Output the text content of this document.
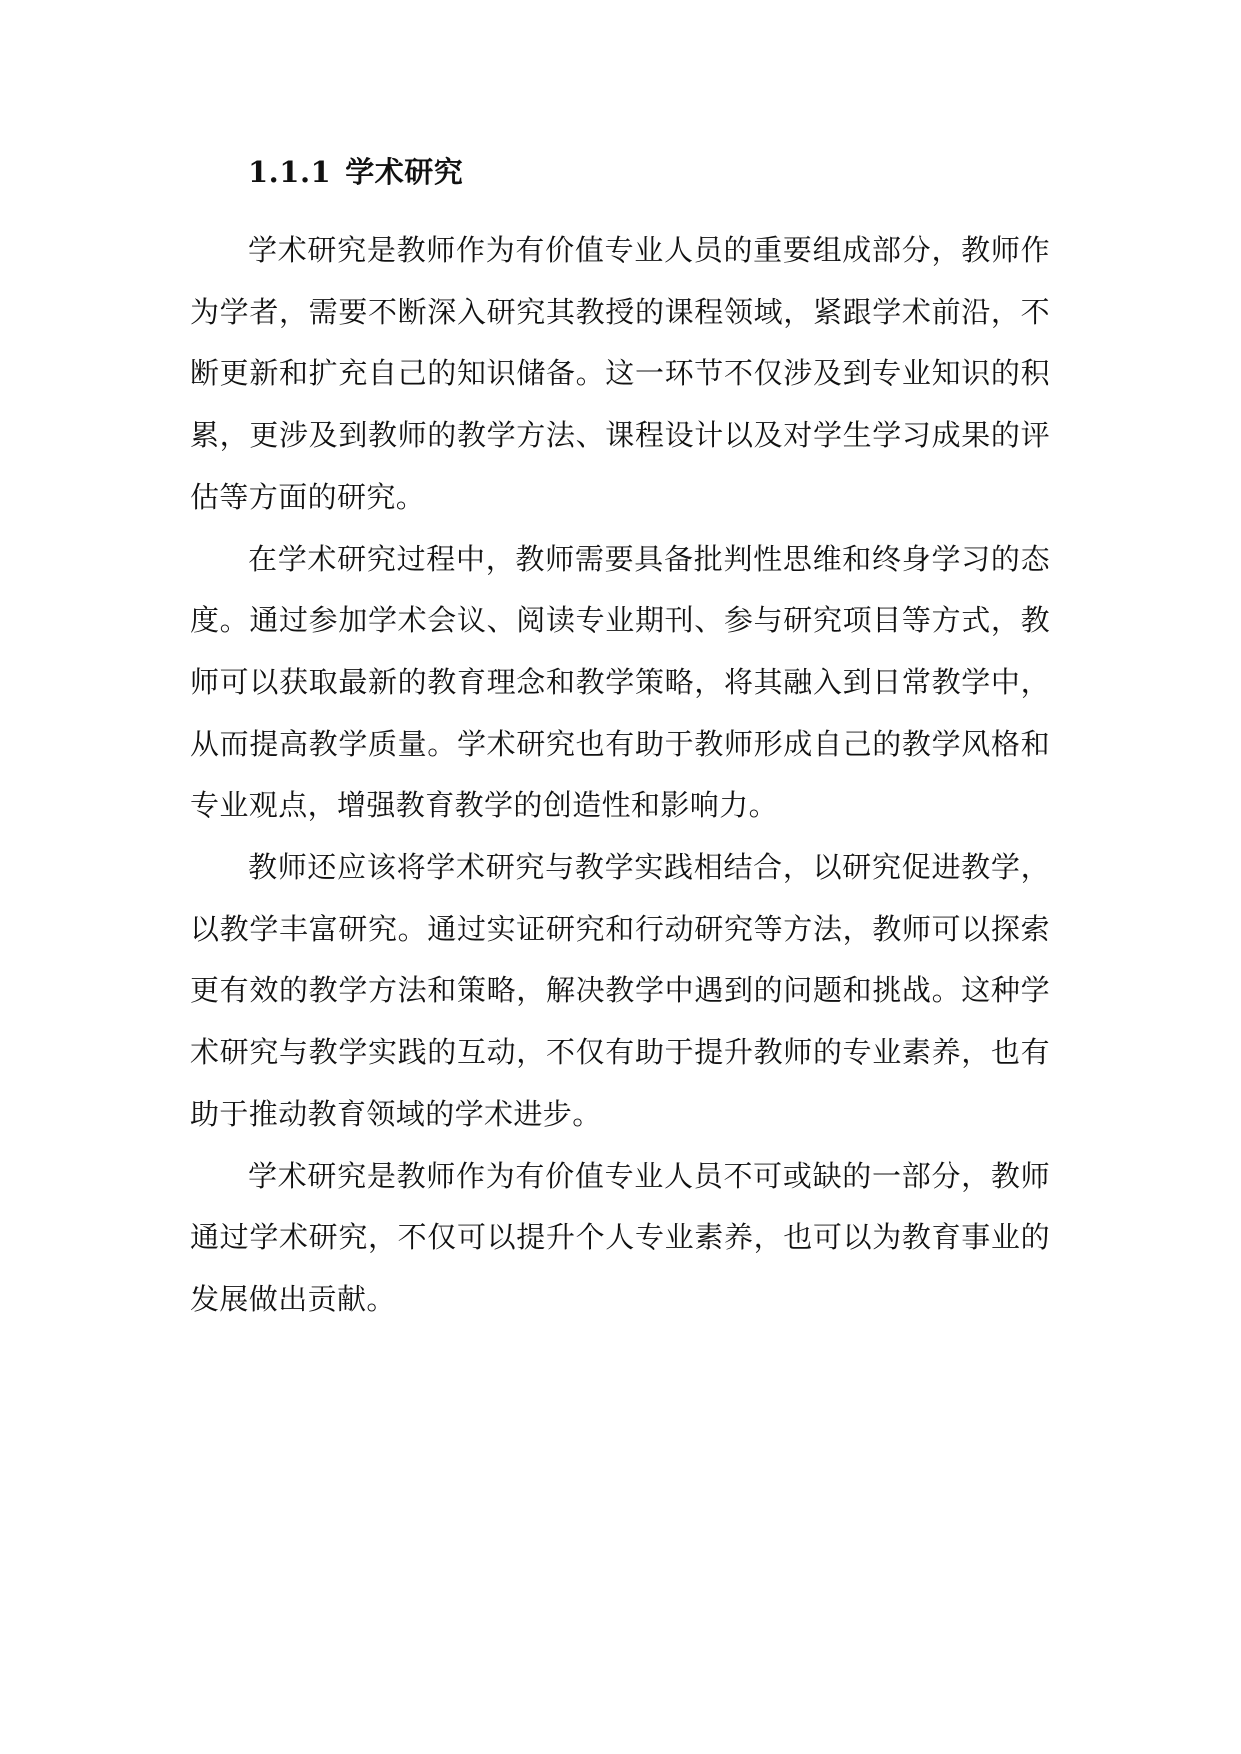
1.1.1 学术研究

学术研究是教师作为有价值专业人员的重要组成部分，教师作为学者，需要不断深入研究其教授的课程领域，紧跟学术前沿，不断更新和扩充自己的知识储备。这一环节不仅涉及到专业知识的积累，更涉及到教师的教学方法、课程设计以及对学生学习成果的评估等方面的研究。

在学术研究过程中，教师需要具备批判性思维和终身学习的态度。通过参加学术会议、阅读专业期刊、参与研究项目等方式，教师可以获取最新的教育理念和教学策略，将其融入到日常教学中，从而提高教学质量。学术研究也有助于教师形成自己的教学风格和专业观点，增强教育教学的创造性和影响力。

教师还应该将学术研究与教学实践相结合，以研究促进教学，以教学丰富研究。通过实证研究和行动研究等方法，教师可以探索更有效的教学方法和策略，解决教学中遇到的问题和挑战。这种学术研究与教学实践的互动，不仅有助于提升教师的专业素养，也有助于推动教育领域的学术进步。

学术研究是教师作为有价值专业人员不可或缺的一部分，教师通过学术研究，不仅可以提升个人专业素养，也可以为教育事业的发展做出贡献。
